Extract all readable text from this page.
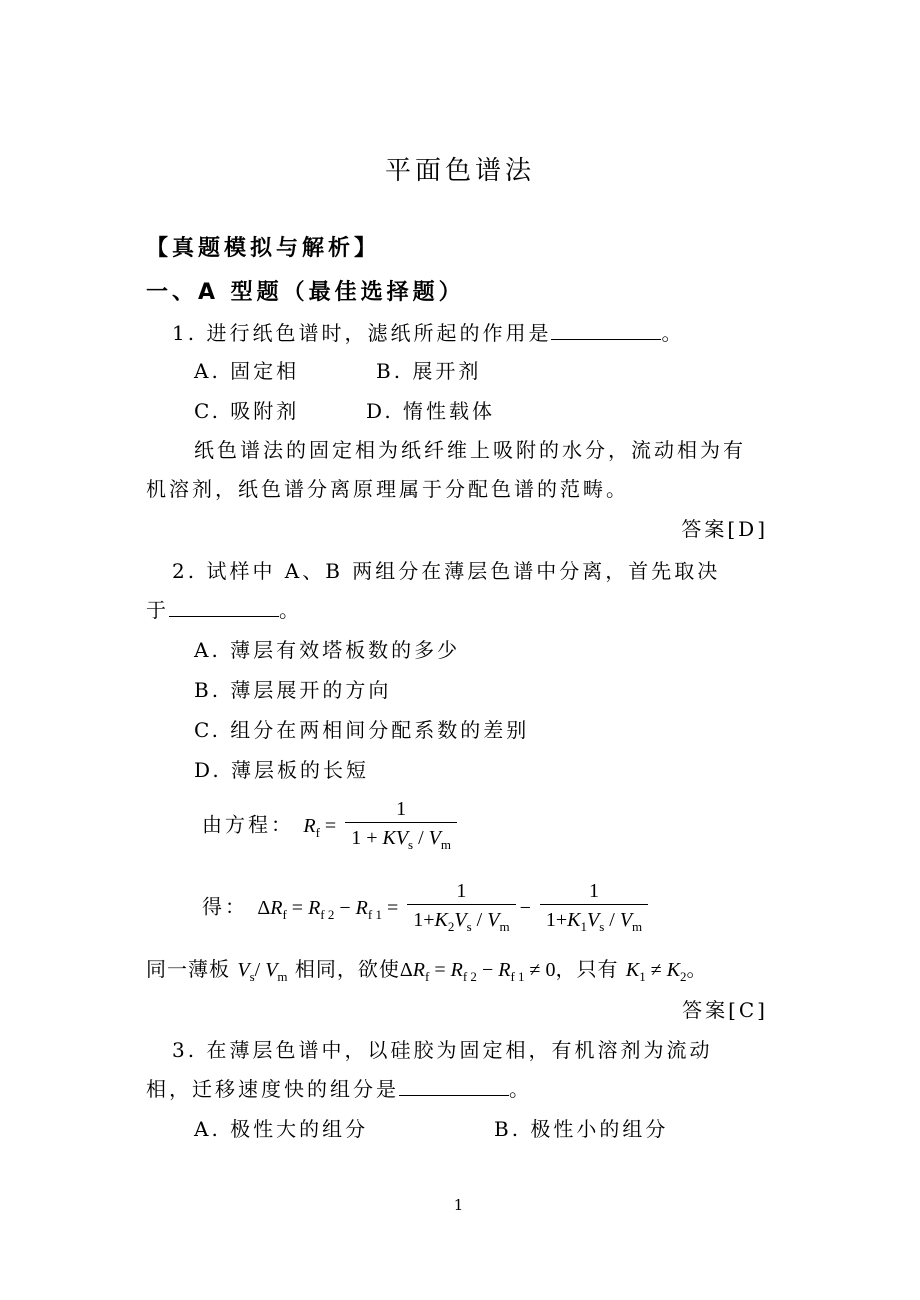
平面色谱法
【真题模拟与解析】
一、A 型题（最佳选择题）
1. 进行纸色谱时，滤纸所起的作用是	。
A. 固定相	B. 展开剂
C. 吸附剂	D. 惰性载体
纸色谱法的固定相为纸纤维上吸附的水分，流动相为有
机溶剂，纸色谱分离原理属于分配色谱的范畴。
答案[D]
2. 试样中 A、B 两组分在薄层色谱中分离，首先取决
于	。
A. 薄层有效塔板数的多少
B. 薄层展开的方向
C. 组分在两相间分配系数的差别
D. 薄层板的长短
由方程： $R_f = \frac{1}{1 + KV_s / V_m}$
得： $\Delta R_f = R_{f 2} - R_{f 1} = \frac{1}{1+K_2V_s / V_m} - \frac{1}{1+K_1V_s / V_m}$
同一薄板 $V_s/$ $V_m$ 相同，欲使$\Delta R_f = R_{f 2} - R_{f 1} \ne 0$，只有 $K_1 \ne K_2$。
答案[C]
3. 在薄层色谱中，以硅胶为固定相，有机溶剂为流动
相，迁移速度快的组分是	。
A. 极性大的组分	B. 极性小的组分
1
